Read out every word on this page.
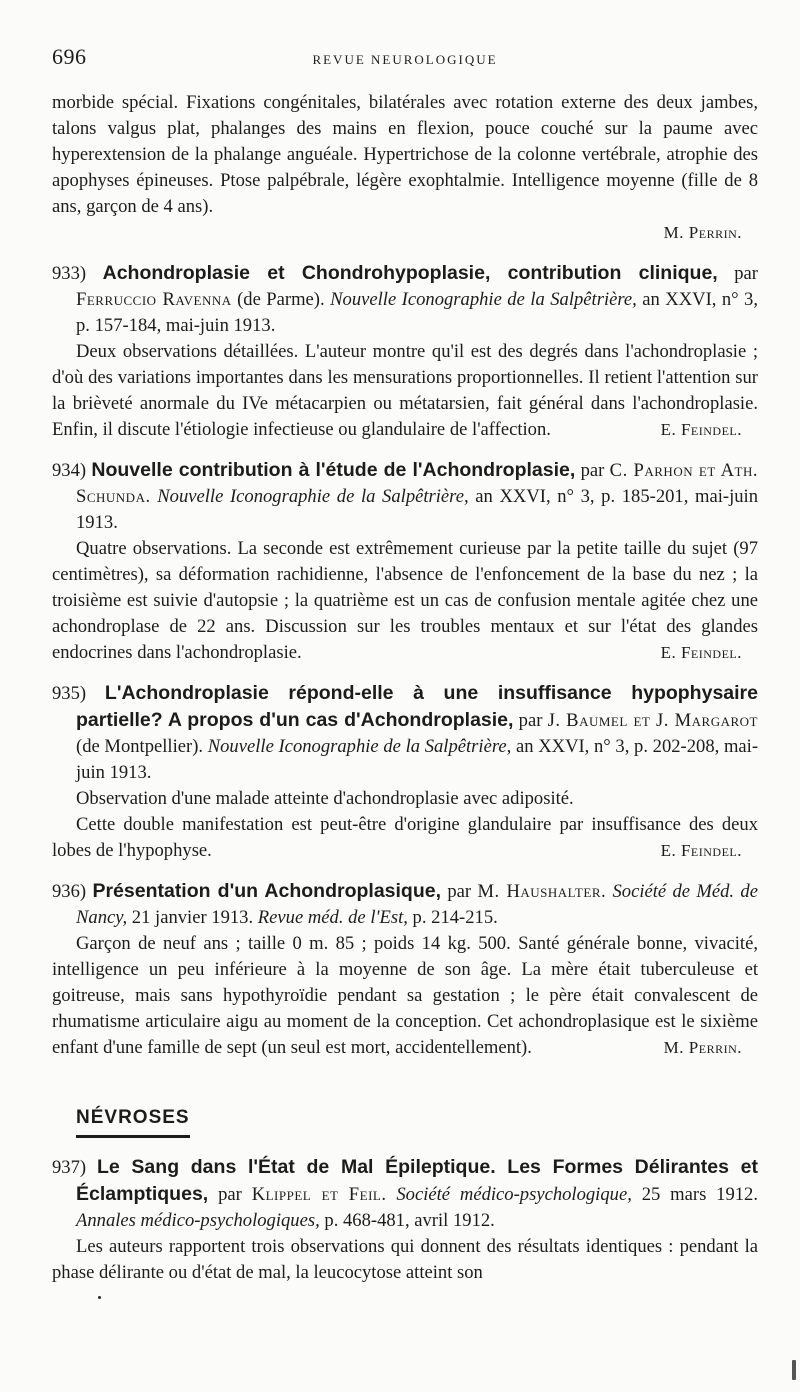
696	REVUE NEUROLOGIQUE

morbide spécial. Fixations congénitales, bilatérales avec rotation externe des deux jambes, talons valgus plat, phalanges des mains en flexion, pouce couché sur la paume avec hyperextension de la phalange anguéale. Hypertrichose de la colonne vertébrale, atrophie des apophyses épineuses. Ptose palpébrale, légère exophtalmie. Intelligence moyenne (fille de 8 ans, garçon de 4 ans).

M. Perrin.

933) Achondroplasie et Chondrohypoplasie, contribution clinique, par Ferruccio Ravenna (de Parme). Nouvelle Iconographie de la Salpêtrière, an XXVI, n° 3, p. 157-184, mai-juin 1913.

Deux observations détaillées. L'auteur montre qu'il est des degrés dans l'achondroplasie ; d'où des variations importantes dans les mensurations proportionnelles. Il retient l'attention sur la brièveté anormale du IVe métacarpien ou métatarsien, fait général dans l'achondroplasie. Enfin, il discute l'étiologie infectieuse ou glandulaire de l'affection.	E. Feindel.

934) Nouvelle contribution à l'étude de l'Achondroplasie, par C. Parhon et Ath. Schunda. Nouvelle Iconographie de la Salpêtrière, an XXVI, n° 3, p. 185-201, mai-juin 1913.

Quatre observations. La seconde est extrêmement curieuse par la petite taille du sujet (97 centimètres), sa déformation rachidienne, l'absence de l'enfoncement de la base du nez ; la troisième est suivie d'autopsie ; la quatrième est un cas de confusion mentale agitée chez une achondroplase de 22 ans. Discussion sur les troubles mentaux et sur l'état des glandes endocrines dans l'achondroplasie.	E. Feindel.

935) L'Achondroplasie répond-elle à une insuffisance hypophysaire partielle? A propos d'un cas d'Achondroplasie, par J. Baumel et J. Margarot (de Montpellier). Nouvelle Iconographie de la Salpêtrière, an XXVI, n° 3, p. 202-208, mai-juin 1913.

Observation d'une malade atteinte d'achondroplasie avec adiposité.

Cette double manifestation est peut-être d'origine glandulaire par insuffisance des deux lobes de l'hypophyse.	E. Feindel.

936) Présentation d'un Achondroplasique, par M. Haushalter. Société de Méd. de Nancy, 21 janvier 1913. Revue méd. de l'Est, p. 214-215.

Garçon de neuf ans ; taille 0 m. 85 ; poids 14 kg. 500. Santé générale bonne, vivacité, intelligence un peu inférieure à la moyenne de son âge. La mère était tuberculeuse et goitreuse, mais sans hypothyroïdie pendant sa gestation ; le père était convalescent de rhumatisme articulaire aigu au moment de la conception. Cet achondroplasique est le sixième enfant d'une famille de sept (un seul est mort, accidentellement).	M. Perrin.

NÉVROSES

937) Le Sang dans l'État de Mal Épileptique. Les Formes Délirantes et Éclamptiques, par Klippel et Feil. Société médico-psychologique, 25 mars 1912. Annales médico-psychologiques, p. 468-481, avril 1912.

Les auteurs rapportent trois observations qui donnent des résultats identiques : pendant la phase délirante ou d'état de mal, la leucocytose atteint son
